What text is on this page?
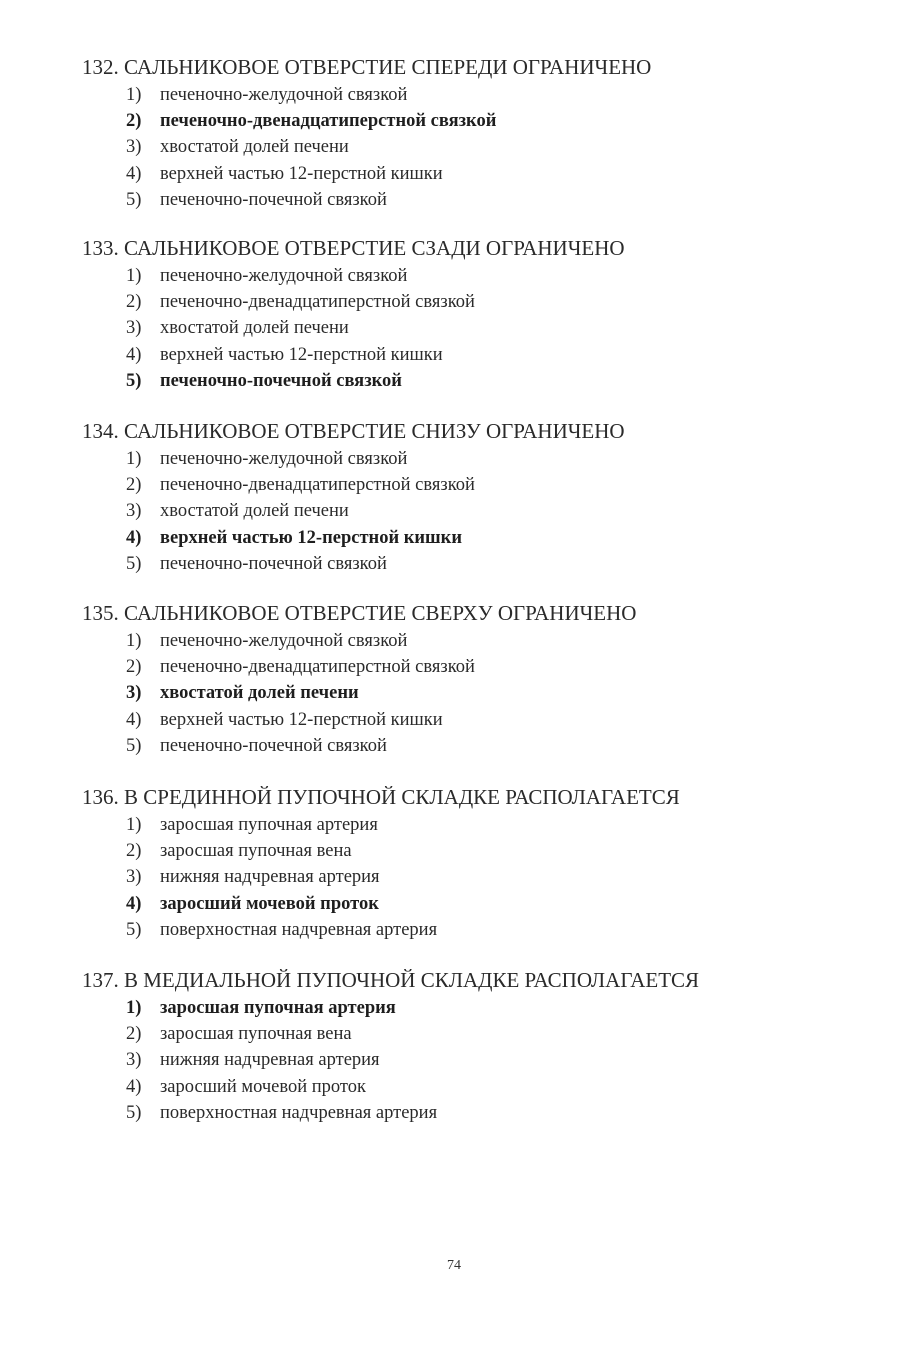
132. САЛЬНИКОВОЕ ОТВЕРСТИЕ СПЕРЕДИ ОГРАНИЧЕНО
1) печеночно-желудочной связкой
2) печеночно-двенадцатиперстной связкой
3) хвостатой долей печени
4) верхней частью 12-перстной кишки
5) печеночно-почечной связкой
133. САЛЬНИКОВОЕ ОТВЕРСТИЕ СЗАДИ ОГРАНИЧЕНО
1) печеночно-желудочной связкой
2) печеночно-двенадцатиперстной связкой
3) хвостатой долей печени
4) верхней частью 12-перстной кишки
5) печеночно-почечной связкой
134. САЛЬНИКОВОЕ ОТВЕРСТИЕ СНИЗУ ОГРАНИЧЕНО
1) печеночно-желудочной связкой
2) печеночно-двенадцатиперстной связкой
3) хвостатой долей печени
4) верхней частью 12-перстной кишки
5) печеночно-почечной связкой
135. САЛЬНИКОВОЕ ОТВЕРСТИЕ СВЕРХУ ОГРАНИЧЕНО
1) печеночно-желудочной связкой
2) печеночно-двенадцатиперстной связкой
3) хвостатой долей печени
4) верхней частью 12-перстной кишки
5) печеночно-почечной связкой
136. В СРЕДИННОЙ ПУПОЧНОЙ СКЛАДКЕ РАСПОЛАГАЕТСЯ
1) заросшая пупочная артерия
2) заросшая пупочная вена
3) нижняя надчревная артерия
4) заросший мочевой проток
5) поверхностная надчревная артерия
137. В МЕДИАЛЬНОЙ ПУПОЧНОЙ СКЛАДКЕ РАСПОЛАГАЕТСЯ
1) заросшая пупочная артерия
2) заросшая пупочная вена
3) нижняя надчревная артерия
4) заросший мочевой проток
5) поверхностная надчревная артерия
74
